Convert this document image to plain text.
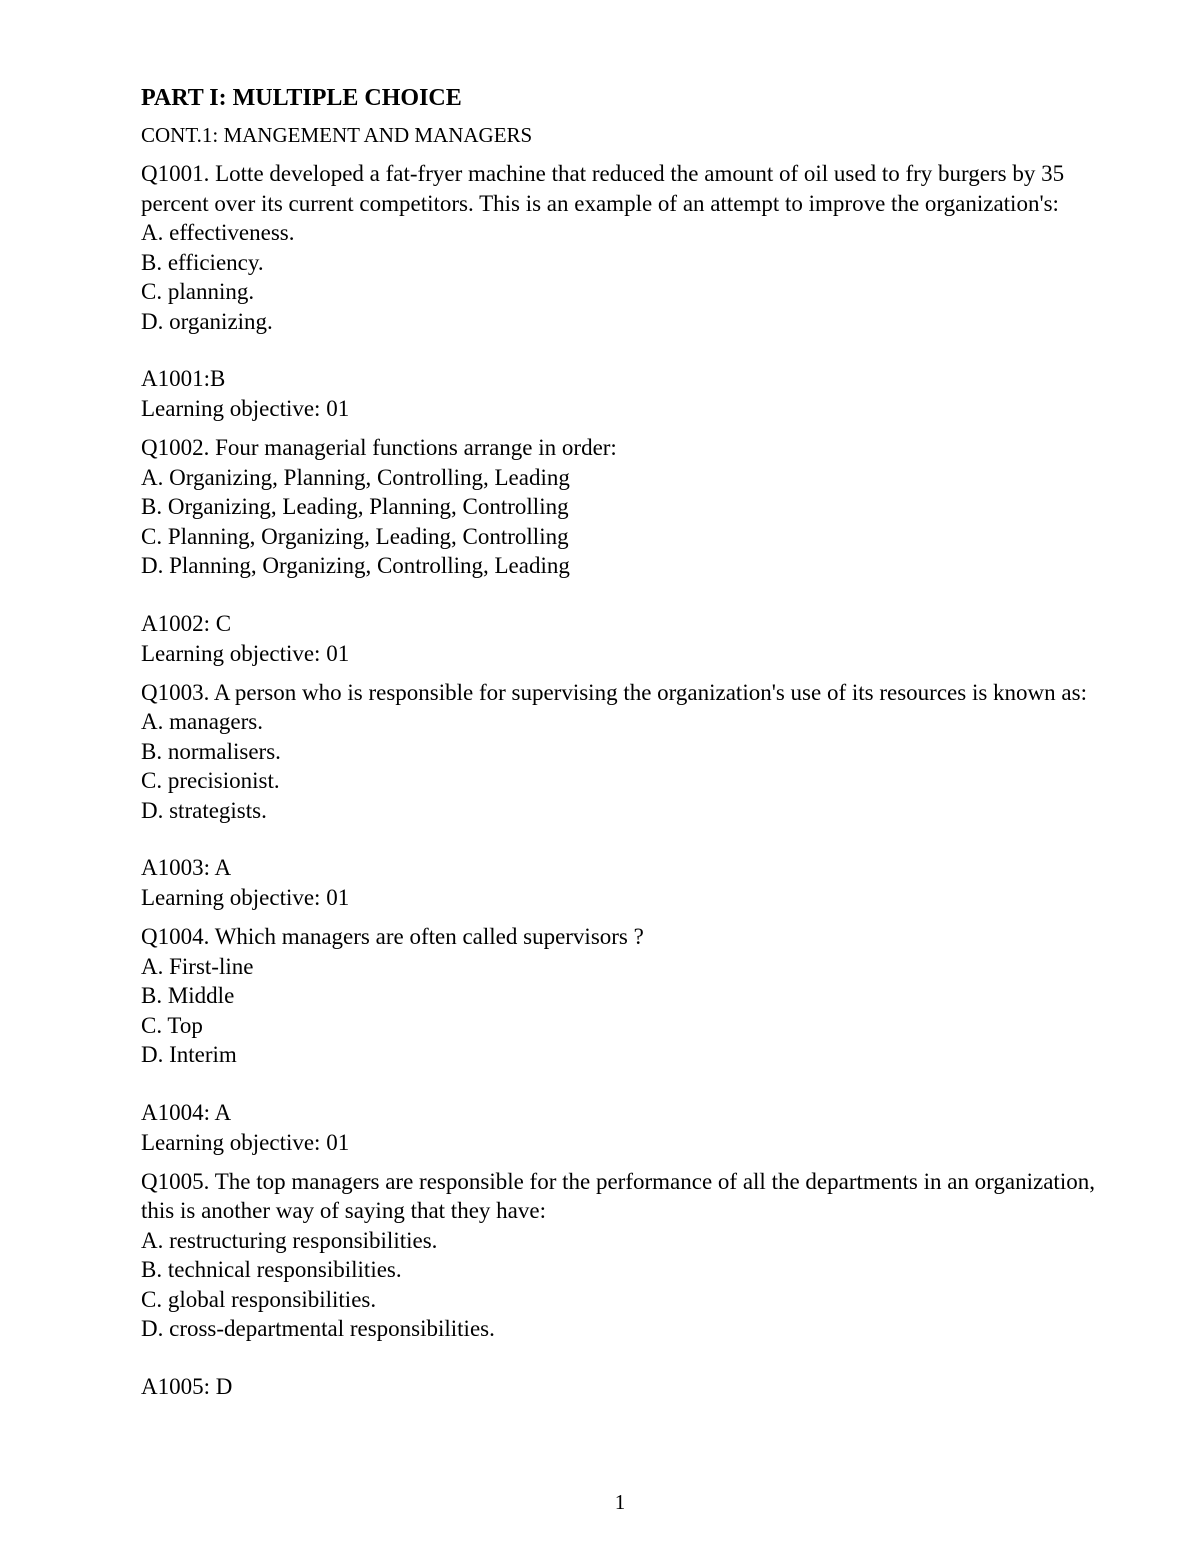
PART I: MULTIPLE CHOICE
CONT.1: MANGEMENT AND MANAGERS
Q1001. Lotte developed a fat-fryer machine that reduced the amount of oil used to fry burgers by 35 percent over its current competitors. This is an example of an attempt to improve the organization's:
A. effectiveness.
B. efficiency.
C. planning.
D. organizing.
A1001:B
Learning objective: 01
Q1002. Four managerial functions arrange in order:
A. Organizing, Planning, Controlling, Leading
B. Organizing, Leading, Planning, Controlling
C. Planning, Organizing, Leading, Controlling
D. Planning, Organizing, Controlling, Leading
A1002: C
Learning objective: 01
Q1003. A person who is responsible for supervising the organization's use of its resources is known as:
A. managers.
B. normalisers.
C. precisionist.
D. strategists.
A1003: A
Learning objective: 01
Q1004. Which managers are often called supervisors ?
A. First-line
B. Middle
C. Top
D. Interim
A1004: A
Learning objective: 01
Q1005. The top managers are responsible for the performance of all the departments in an organization, this is another way of saying that they have:
A. restructuring responsibilities.
B. technical responsibilities.
C. global responsibilities.
D. cross-departmental responsibilities.
A1005: D
1
